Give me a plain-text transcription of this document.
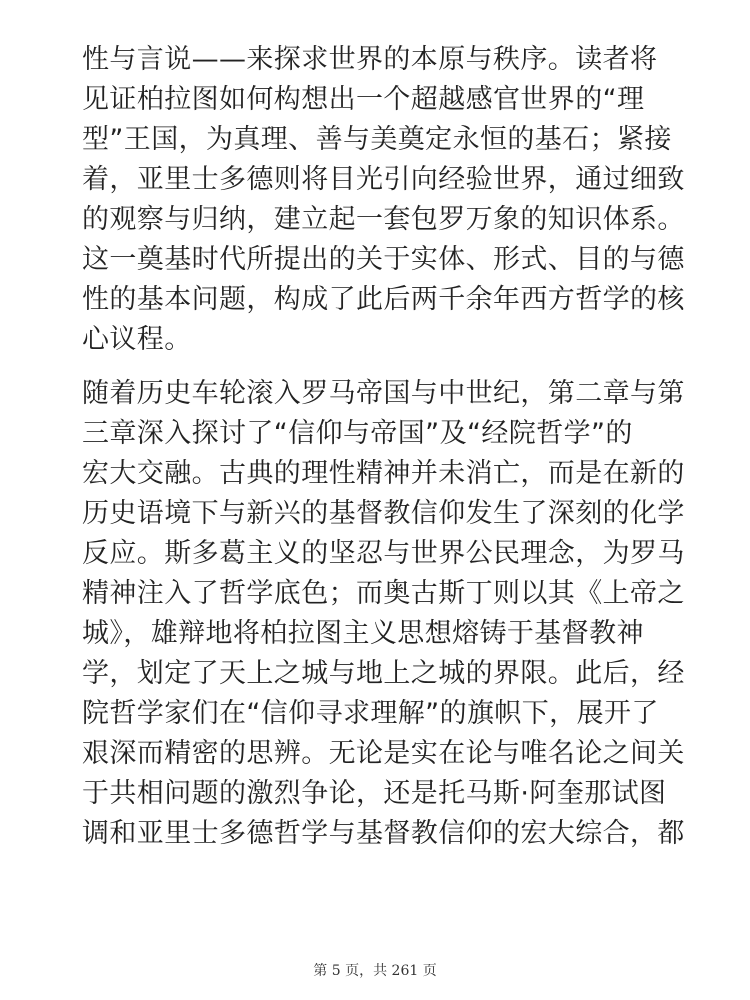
性与言说——来探求世界的本原与秩序。读者将
见证柏拉图如何构想出一个超越感官世界的“理
型”王国，为真理、善与美奠定永恒的基石；紧接
着，亚里士多德则将目光引向经验世界，通过细致
的观察与归纳，建立起一套包罗万象的知识体系。
这一奠基时代所提出的关于实体、形式、目的与德
性的基本问题，构成了此后两千余年西方哲学的核
心议程。

随着历史车轮滚入罗马帝国与中世纪，第二章与第
三章深入探讨了“信仰与帝国”及“经院哲学”的
宏大交融。古典的理性精神并未消亡，而是在新的
历史语境下与新兴的基督教信仰发生了深刻的化学
反应。斯多葛主义的坚忍与世界公民理念，为罗马
精神注入了哲学底色；而奥古斯丁则以其《上帝之
城》，雄辩地将柏拉图主义思想熔铸于基督教神
学，划定了天上之城与地上之城的界限。此后，经
院哲学家们在“信仰寻求理解”的旗帜下，展开了
艰深而精密的思辨。无论是实在论与唯名论之间关
于共相问题的激烈争论，还是托马斯·阿奎那试图
调和亚里士多德哲学与基督教信仰的宏大综合，都

第 5 页，共 261 页
